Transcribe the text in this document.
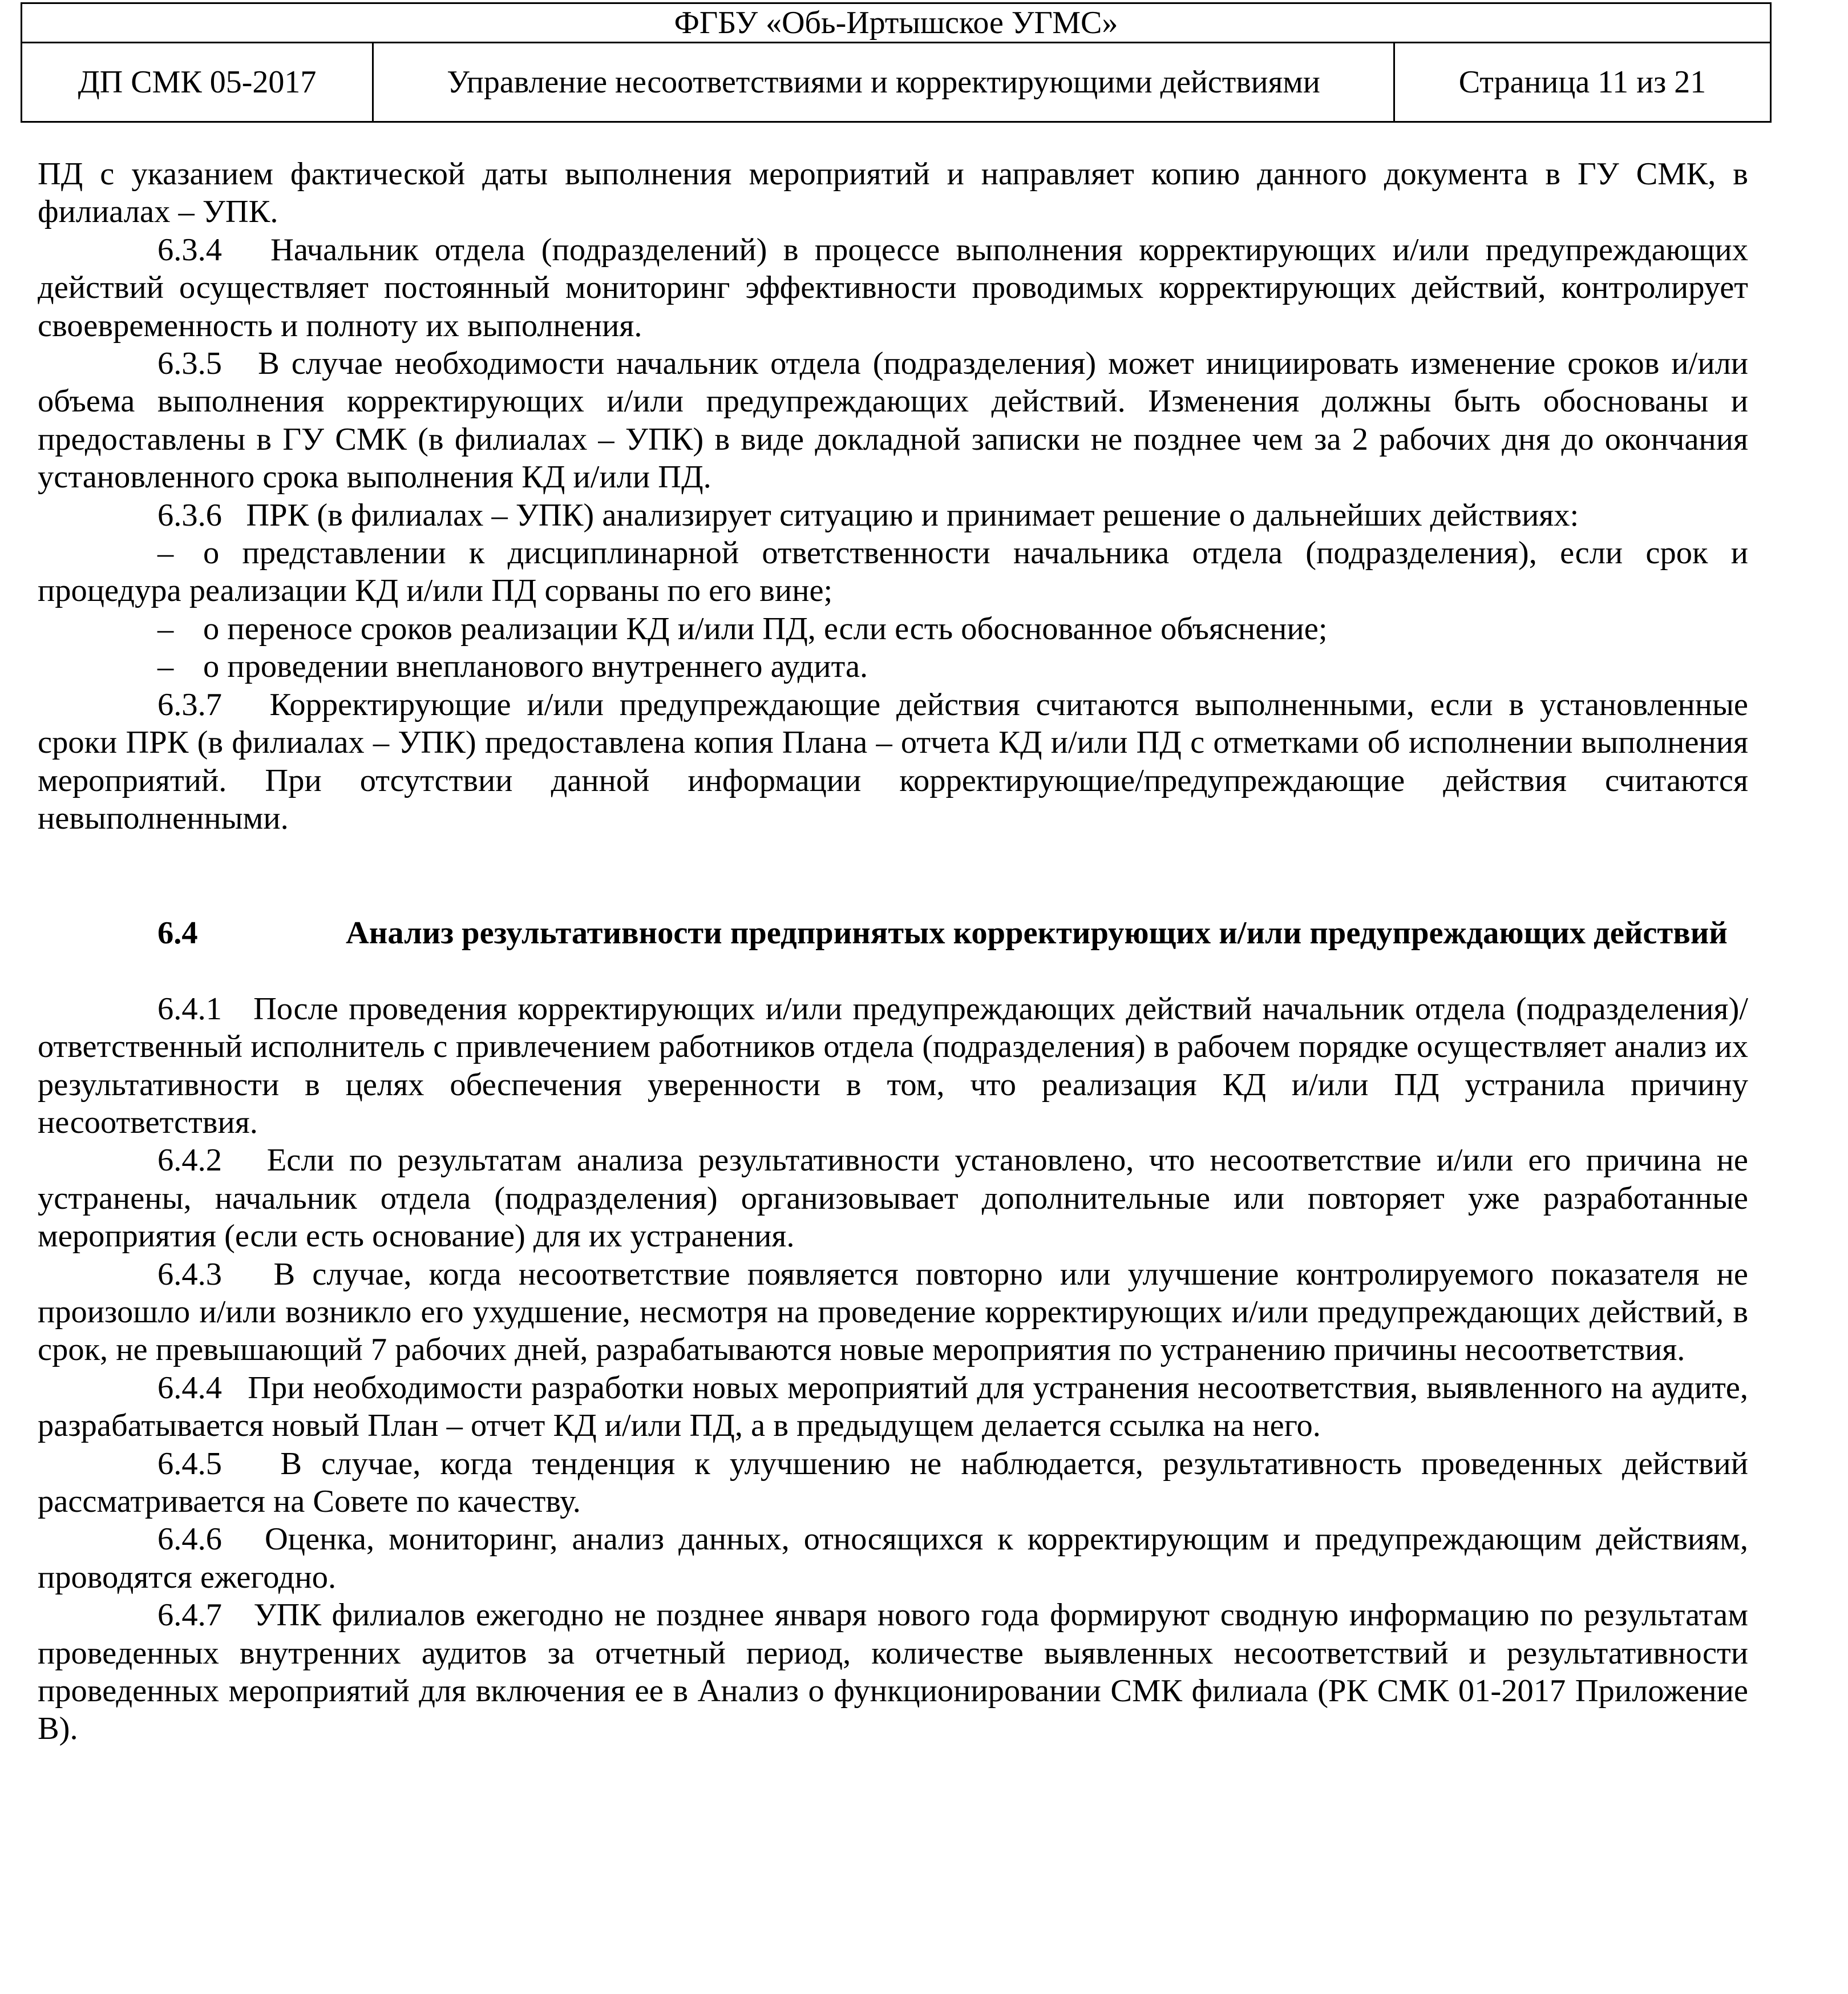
ФГБУ «Обь-Иртышское УГМС»
ДП СМК 05-2017	Управление несоответствиями и корректирующими действиями	Страница 11 из 21

ПД с указанием фактической даты выполнения мероприятий и направляет копию данного документа в ГУ СМК, в филиалах – УПК.

6.3.4 Начальник отдела (подразделений) в процессе выполнения корректирующих и/или предупреждающих действий осуществляет постоянный мониторинг эффективности проводимых корректирующих действий, контролирует своевременность и полноту их выполнения.

6.3.5 В случае необходимости начальник отдела (подразделения) может инициировать изменение сроков и/или объема выполнения корректирующих и/или предупреждающих действий. Изменения должны быть обоснованы и предоставлены в ГУ СМК (в филиалах – УПК) в виде докладной записки не позднее чем за 2 рабочих дня до окончания установленного срока выполнения КД и/или ПД.

6.3.6 ПРК (в филиалах – УПК) анализирует ситуацию и принимает решение о дальнейших действиях:

– о представлении к дисциплинарной ответственности начальника отдела (подразделения), если срок и процедура реализации КД и/или ПД сорваны по его вине;

– о переносе сроков реализации КД и/или ПД, если есть обоснованное объяснение;

– о проведении внепланового внутреннего аудита.

6.3.7 Корректирующие и/или предупреждающие действия считаются выполненными, если в установленные сроки ПРК (в филиалах – УПК) предоставлена копия Плана – отчета КД и/или ПД с отметками об исполнении выполнения мероприятий. При отсутствии данной информации корректирующие/предупреждающие действия считаются невыполненными.

6.4	Анализ результативности предпринятых корректирующих и/или предупреждающих действий

6.4.1 После проведения корректирующих и/или предупреждающих действий начальник отдела (подразделения)/ ответственный исполнитель с привлечением работников отдела (подразделения) в рабочем порядке осуществляет анализ их результативности в целях обеспечения уверенности в том, что реализация КД и/или ПД устранила причину несоответствия.

6.4.2 Если по результатам анализа результативности установлено, что несоответствие и/или его причина не устранены, начальник отдела (подразделения) организовывает дополнительные или повторяет уже разработанные мероприятия (если есть основание) для их устранения.

6.4.3 В случае, когда несоответствие появляется повторно или улучшение контролируемого показателя не произошло и/или возникло его ухудшение, несмотря на проведение корректирующих и/или предупреждающих действий, в срок, не превышающий 7 рабочих дней, разрабатываются новые мероприятия по устранению причины несоответствия.

6.4.4 При необходимости разработки новых мероприятий для устранения несоответствия, выявленного на аудите, разрабатывается новый План – отчет КД и/или ПД, а в предыдущем делается ссылка на него.

6.4.5 В случае, когда тенденция к улучшению не наблюдается, результативность проведенных действий рассматривается на Совете по качеству.

6.4.6 Оценка, мониторинг, анализ данных, относящихся к корректирующим и предупреждающим действиям, проводятся ежегодно.

6.4.7 УПК филиалов ежегодно не позднее января нового года формируют сводную информацию по результатам проведенных внутренних аудитов за отчетный период, количестве выявленных несоответствий и результативности проведенных мероприятий для включения ее в Анализ о функционировании СМК филиала (РК СМК 01-2017 Приложение В).
